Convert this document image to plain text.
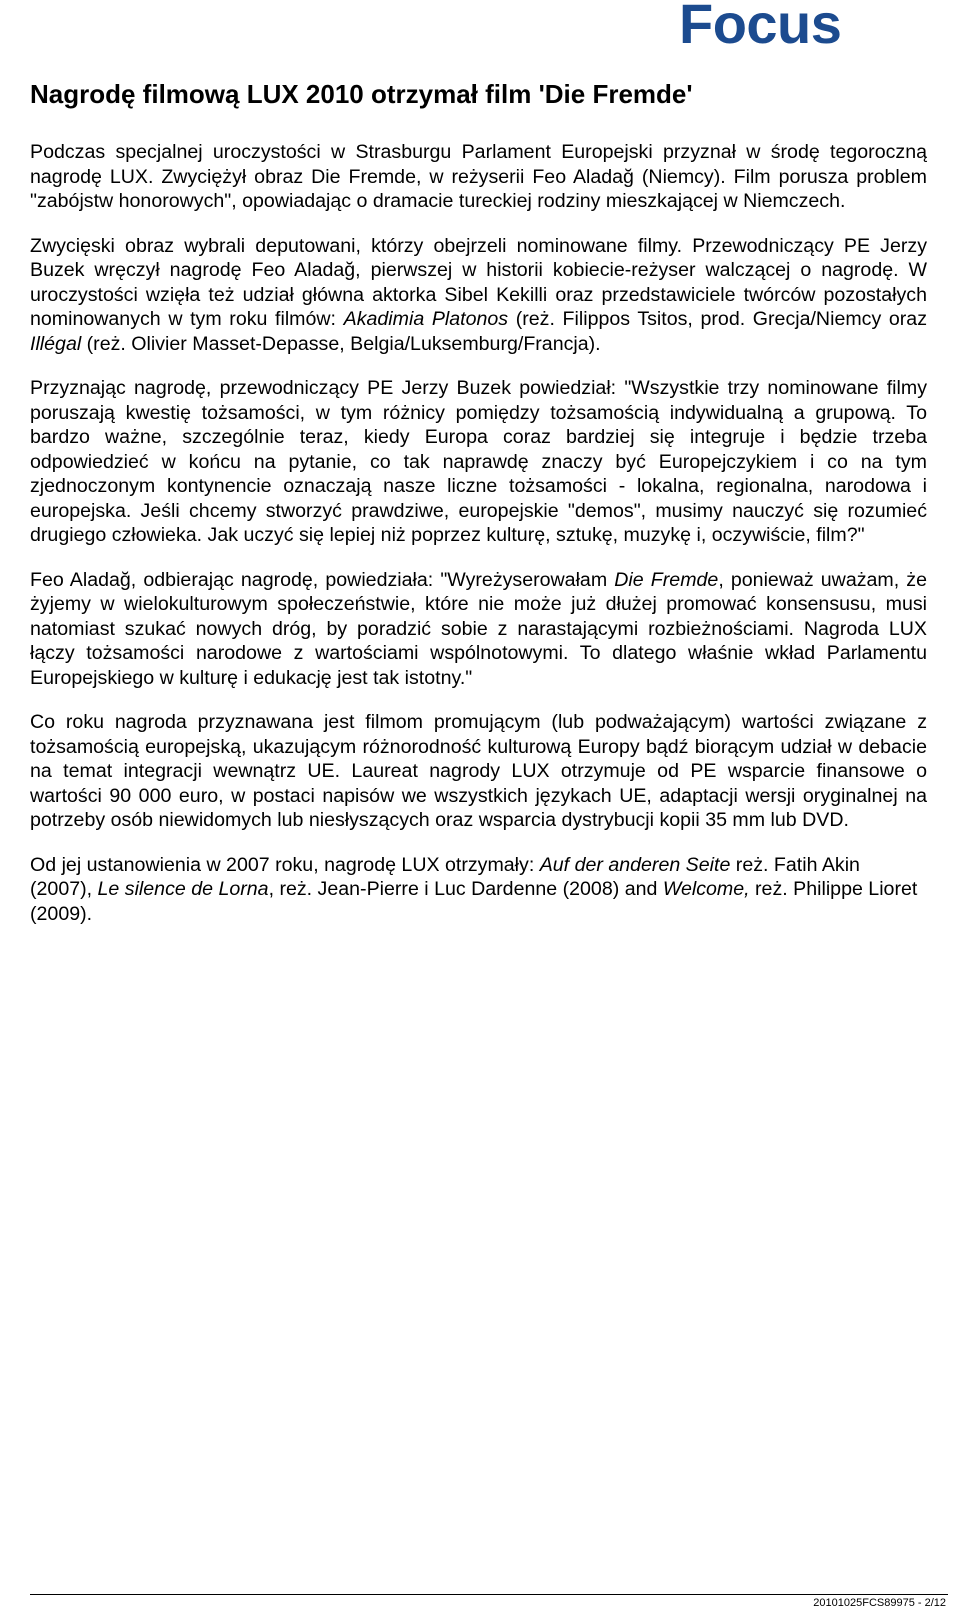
Focus
Nagrodę filmową LUX 2010 otrzymał film 'Die Fremde'

Podczas specjalnej uroczystości w Strasburgu Parlament Europejski przyznał w środę tegoroczną nagrodę LUX. Zwyciężył obraz Die Fremde, w reżyserii Feo Aladağ (Niemcy). Film porusza problem "zabójstw honorowych", opowiadając o dramacie tureckiej rodziny mieszkającej w Niemczech.

Zwycięski obraz wybrali deputowani, którzy obejrzeli nominowane filmy. Przewodniczący PE Jerzy Buzek wręczył nagrodę Feo Aladağ, pierwszej w historii kobiecie-reżyser walczącej o nagrodę. W uroczystości wzięła też udział główna aktorka Sibel Kekilli oraz przedstawiciele twórców pozostałych nominowanych w tym roku filmów: Akadimia Platonos (reż. Filippos Tsitos, prod. Grecja/Niemcy oraz Illégal (reż. Olivier Masset-Depasse, Belgia/Luksemburg/Francja).

Przyznając nagrodę, przewodniczący PE Jerzy Buzek powiedział: "Wszystkie trzy nominowane filmy poruszają kwestię tożsamości, w tym różnicy pomiędzy tożsamością indywidualną a grupową. To bardzo ważne, szczególnie teraz, kiedy Europa coraz bardziej się integruje i będzie trzeba odpowiedzieć w końcu na pytanie, co tak naprawdę znaczy być Europejczykiem i co na tym zjednoczonym kontynencie oznaczają nasze liczne tożsamości - lokalna, regionalna, narodowa i europejska. Jeśli chcemy stworzyć prawdziwe, europejskie "demos", musimy nauczyć się rozumieć drugiego człowieka. Jak uczyć się lepiej niż poprzez kulturę, sztukę, muzykę i, oczywiście, film?"

Feo Aladağ, odbierając nagrodę, powiedziała: "Wyreżyserowałam Die Fremde, ponieważ uważam, że żyjemy w wielokulturowym społeczeństwie, które nie może już dłużej promować konsensusu, musi natomiast szukać nowych dróg, by poradzić sobie z narastającymi rozbieżnościami. Nagroda LUX łączy tożsamości narodowe z wartościami wspólnotowymi. To dlatego właśnie wkład Parlamentu Europejskiego w kulturę i edukację jest tak istotny."

Co roku nagroda przyznawana jest filmom promującym (lub podważającym) wartości związane z tożsamością europejską, ukazującym różnorodność kulturową Europy bądź biorącym udział w debacie na temat integracji wewnątrz UE. Laureat nagrody LUX otrzymuje od PE wsparcie finansowe o wartości 90 000 euro, w postaci napisów we wszystkich językach UE, adaptacji wersji oryginalnej na potrzeby osób niewidomych lub niesłyszących oraz wsparcia dystrybucji kopii 35 mm lub DVD.

Od jej ustanowienia w 2007 roku, nagrodę LUX otrzymały: Auf der anderen Seite reż. Fatih Akin (2007), Le silence de Lorna, reż. Jean-Pierre i Luc Dardenne (2008) and Welcome, reż. Philippe Lioret (2009).

20101025FCS89975 - 2/12
